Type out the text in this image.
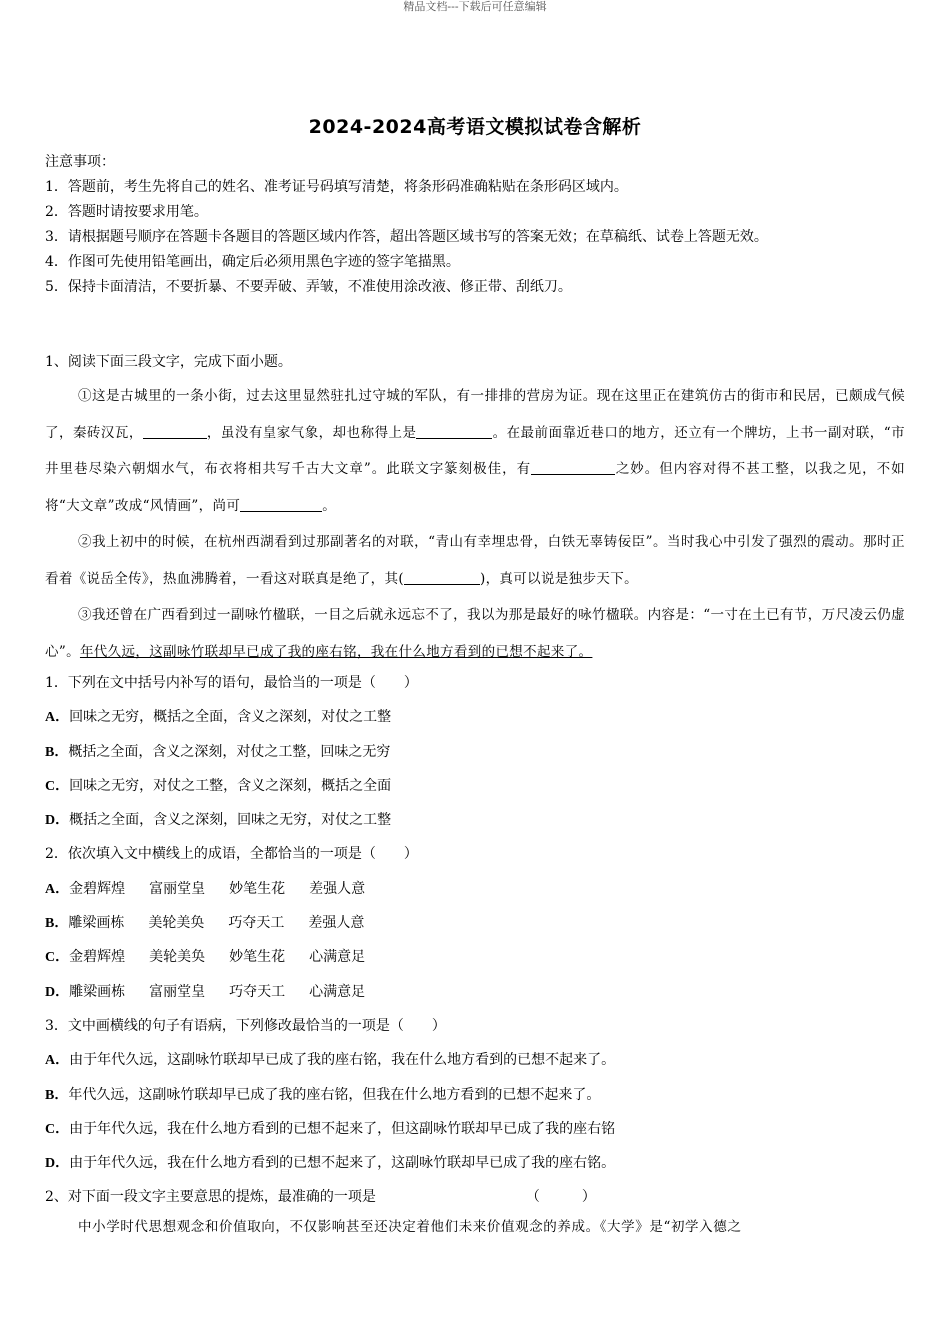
精品文档---下载后可任意编辑
2024-2024高考语文模拟试卷含解析
注意事项：
1．答题前，考生先将自己的姓名、准考证号码填写清楚，将条形码准确粘贴在条形码区域内。
2．答题时请按要求用笔。
3．请根据题号顺序在答题卡各题目的答题区域内作答，超出答题区域书写的答案无效；在草稿纸、试卷上答题无效。
4．作图可先使用铅笔画出，确定后必须用黑色字迹的签字笔描黑。
5．保持卡面清洁，不要折暴、不要弄破、弄皱，不准使用涂改液、修正带、刮纸刀。
1、阅读下面三段文字，完成下面小题。
①这是古城里的一条小街，过去这里显然驻扎过守城的军队，有一排排的营房为证。现在这里正在建筑仿古的街市和民居，已颇成气候了，秦砖汉瓦，	，虽没有皇家气象，却也称得上是	。在最前面靠近巷口的地方，还立有一个牌坊，上书一副对联，“市井里巷尽染六朝烟水气，布衣将相共写千古大文章”。此联文字篆刻极佳，有	之妙。但内容对得不甚工整，以我之见，不如将“大文章”改成“风情画”，尚可	。
②我上初中的时候，在杭州西湖看到过那副著名的对联，“青山有幸埋忠骨，白铁无辜铸佞臣”。当时我心中引发了强烈的震动。那时正看着《说岳全传》，热血沸腾着，一看这对联真是绝了，其(	)，真可以说是独步天下。
③我还曾在广西看到过一副咏竹楹联，一目之后就永远忘不了，我以为那是最好的咏竹楹联。内容是：“一寸在土已有节，万尺凌云仍虚心”。年代久远，这副咏竹联却早已成了我的座右铭，我在什么地方看到的已想不起来了。
1．下列在文中括号内补写的语句，最恰当的一项是（　　）
A．回味之无穷，概括之全面，含义之深刻，对仗之工整
B．概括之全面，含义之深刻，对仗之工整，回味之无穷
C．回味之无穷，对仗之工整，含义之深刻，概括之全面
D．概括之全面，含义之深刻，回味之无穷，对仗之工整
2．依次填入文中横线上的成语，全都恰当的一项是（　　）
A．金碧辉煌 富丽堂皇 妙笔生花 差强人意
B．雕梁画栋 美轮美奂 巧夺天工 差强人意
C．金碧辉煌 美轮美奂 妙笔生花 心满意足
D．雕梁画栋 富丽堂皇 巧夺天工 心满意足
3．文中画横线的句子有语病，下列修改最恰当的一项是（　　）
A．由于年代久远，这副咏竹联却早已成了我的座右铭，我在什么地方看到的已想不起来了。
B．年代久远，这副咏竹联却早已成了我的座右铭，但我在什么地方看到的已想不起来了。
C．由于年代久远，我在什么地方看到的已想不起来了，但这副咏竹联却早已成了我的座右铭
D．由于年代久远，我在什么地方看到的已想不起来了，这副咏竹联却早已成了我的座右铭。
2、对下面一段文字主要意思的提炼，最准确的一项是	（　　　）
中小学时代思想观念和价值取向，不仅影响甚至还决定着他们未来价值观念的养成。《大学》是“初学入德之
